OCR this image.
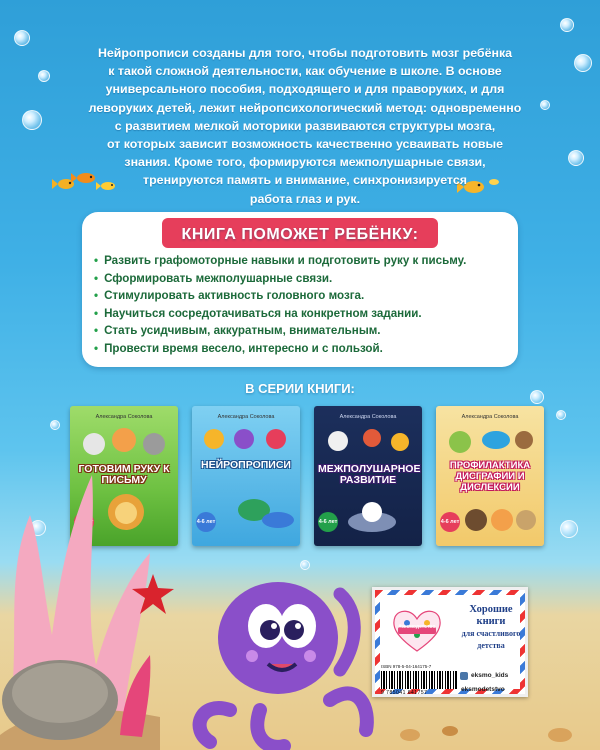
Нейропрописи созданы для того, чтобы подготовить мозг ребёнка
к такой сложной деятельности, как обучение в школе. В основе
универсального пособия, подходящего и для праворуких, и для
леворуких детей, лежит нейропсихологический метод: одновременно
с развитием мелкой моторики развиваются структуры мозга,
от которых зависит возможность качественно усваивать новые
знания. Кроме того, формируются межполушарные связи,
тренируются память и внимание, синхронизируется
работа глаз и рук.
КНИГА ПОМОЖЕТ РЕБЁНКУ:
• Развить графомоторные навыки и подготовить руку к письму.
• Сформировать межполушарные связи.
• Стимулировать активность головного мозга.
• Научиться сосредотачиваться на конкретном задании.
• Стать усидчивым, аккуратным, внимательным.
• Провести время весело, интересно и с пользой.
В СЕРИИ КНИГИ:
Александра Соколова
ГОТОВИМ РУКУ К ПИСЬМУ
Александра Соколова
НЕЙРОПРОПИСИ
4-6 лет
Александра Соколова
МЕЖПОЛУШАРНОЕ РАЗВИТИЕ
4-6 лет
Александра Соколова
ПРОФИЛАКТИКА ДИСГРАФИИ И ДИСЛЕКСИИ
4-6 лет
#эксмодетство
Хорошие
книги
для счастливого
детства
eksmo_kids
eksmodetstvo
ISBN 978-5-04-164175-7
9 785041 641757
